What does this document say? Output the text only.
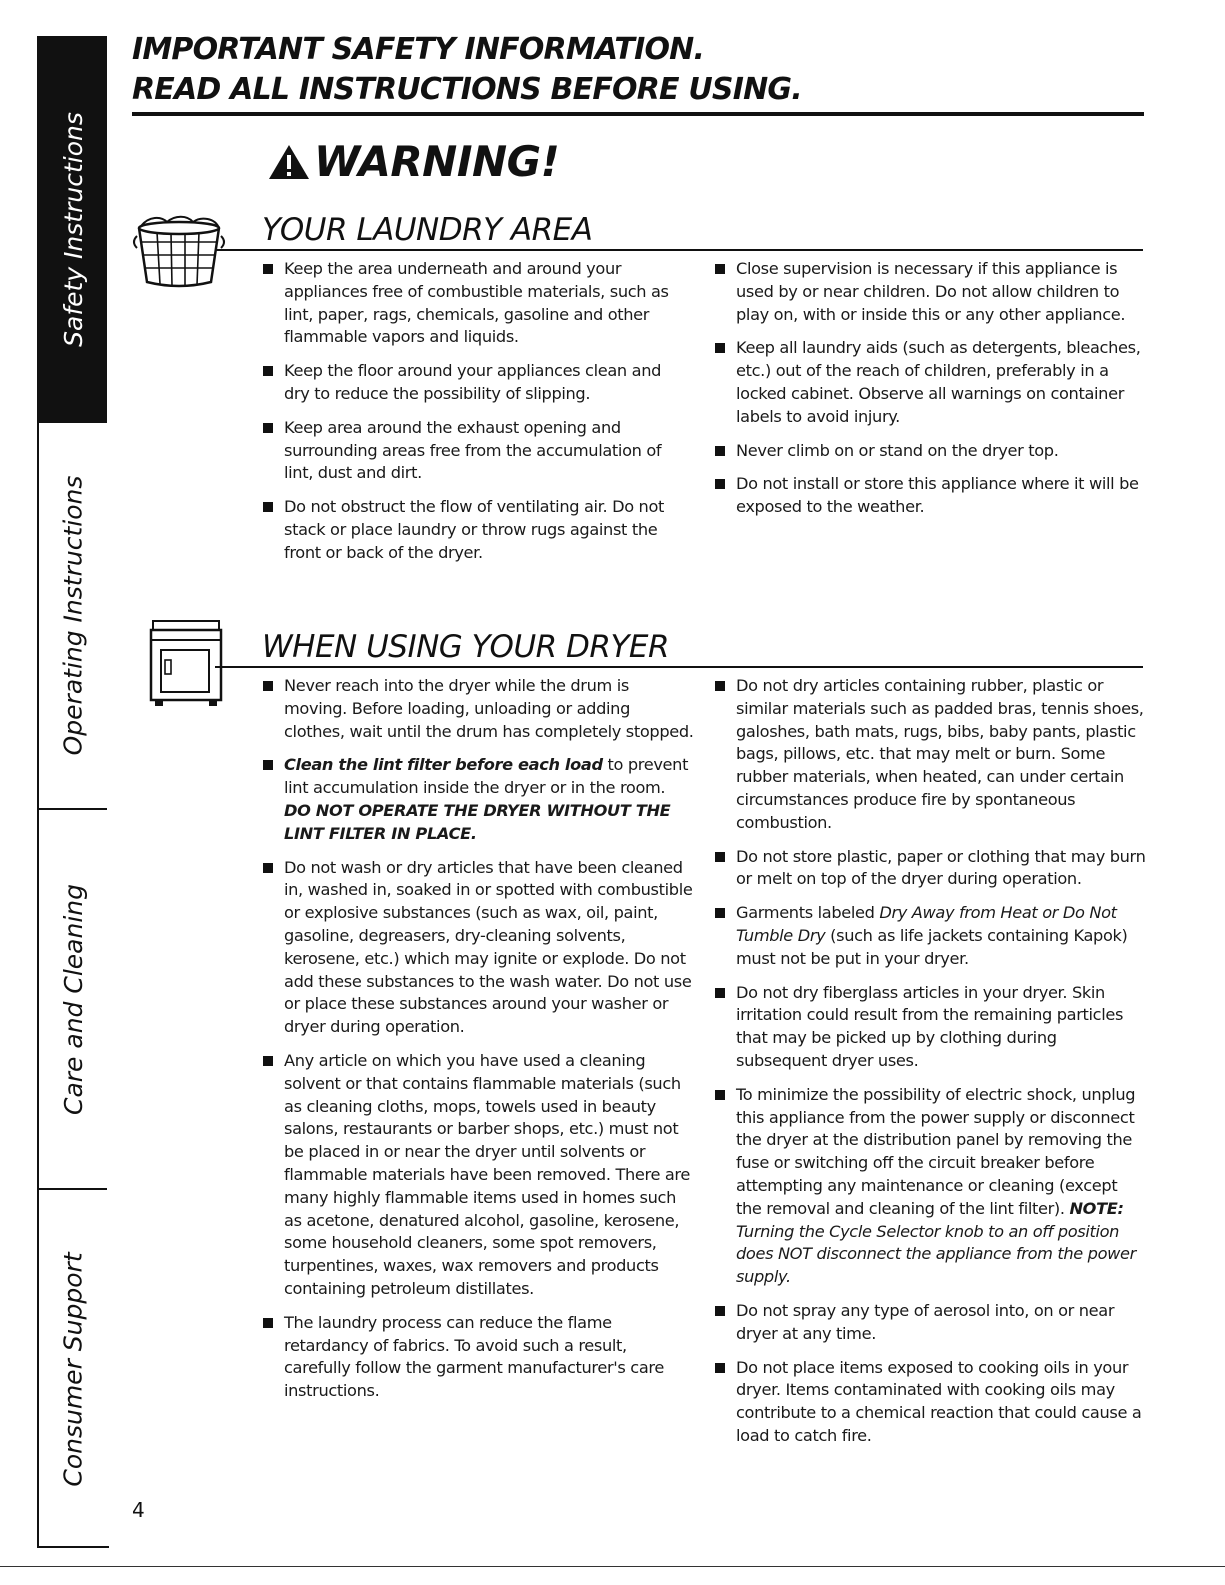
Safety Instructions
Operating Instructions
Care and Cleaning
Consumer Support
IMPORTANT SAFETY INFORMATION.
READ ALL INSTRUCTIONS BEFORE USING.
WARNING!
YOUR LAUNDRY AREA
Keep the area underneath and around your appliances free of combustible materials, such as lint, paper, rags, chemicals, gasoline and other flammable vapors and liquids.
Keep the floor around your appliances clean and dry to reduce the possibility of slipping.
Keep area around the exhaust opening and surrounding areas free from the accumulation of lint, dust and dirt.
Do not obstruct the flow of ventilating air. Do not stack or place laundry or throw rugs against the front or back of the dryer.
Close supervision is necessary if this appliance is used by or near children. Do not allow children to play on, with or inside this or any other appliance.
Keep all laundry aids (such as detergents, bleaches, etc.) out of the reach of children, preferably in a locked cabinet. Observe all warnings on container labels to avoid injury.
Never climb on or stand on the dryer top.
Do not install or store this appliance where it will be exposed to the weather.
WHEN USING YOUR DRYER
Never reach into the dryer while the drum is moving. Before loading, unloading or adding clothes, wait until the drum has completely stopped.
Clean the lint filter before each load to prevent lint accumulation inside the dryer or in the room.
DO NOT OPERATE THE DRYER WITHOUT THE LINT FILTER IN PLACE.
Do not wash or dry articles that have been cleaned in, washed in, soaked in or spotted with combustible or explosive substances (such as wax, oil, paint, gasoline, degreasers, dry-cleaning solvents, kerosene, etc.) which may ignite or explode. Do not add these substances to the wash water. Do not use or place these substances around your washer or dryer during operation.
Any article on which you have used a cleaning solvent or that contains flammable materials (such as cleaning cloths, mops, towels used in beauty salons, restaurants or barber shops, etc.) must not be placed in or near the dryer until solvents or flammable materials have been removed. There are many highly flammable items used in homes such as acetone, denatured alcohol, gasoline, kerosene, some household cleaners, some spot removers, turpentines, waxes, wax removers and products containing petroleum distillates.
The laundry process can reduce the flame retardancy of fabrics. To avoid such a result, carefully follow the garment manufacturer's care instructions.
Do not dry articles containing rubber, plastic or similar materials such as padded bras, tennis shoes, galoshes, bath mats, rugs, bibs, baby pants, plastic bags, pillows, etc. that may melt or burn. Some rubber materials, when heated, can under certain circumstances produce fire by spontaneous combustion.
Do not store plastic, paper or clothing that may burn or melt on top of the dryer during operation.
Garments labeled Dry Away from Heat or Do Not Tumble Dry (such as life jackets containing Kapok) must not be put in your dryer.
Do not dry fiberglass articles in your dryer. Skin irritation could result from the remaining particles that may be picked up by clothing during subsequent dryer uses.
To minimize the possibility of electric shock, unplug this appliance from the power supply or disconnect the dryer at the distribution panel by removing the fuse or switching off the circuit breaker before attempting any maintenance or cleaning (except the removal and cleaning of the lint filter). NOTE: Turning the Cycle Selector knob to an off position does NOT disconnect the appliance from the power supply.
Do not spray any type of aerosol into, on or near dryer at any time.
Do not place items exposed to cooking oils in your dryer. Items contaminated with cooking oils may contribute to a chemical reaction that could cause a load to catch fire.
4
